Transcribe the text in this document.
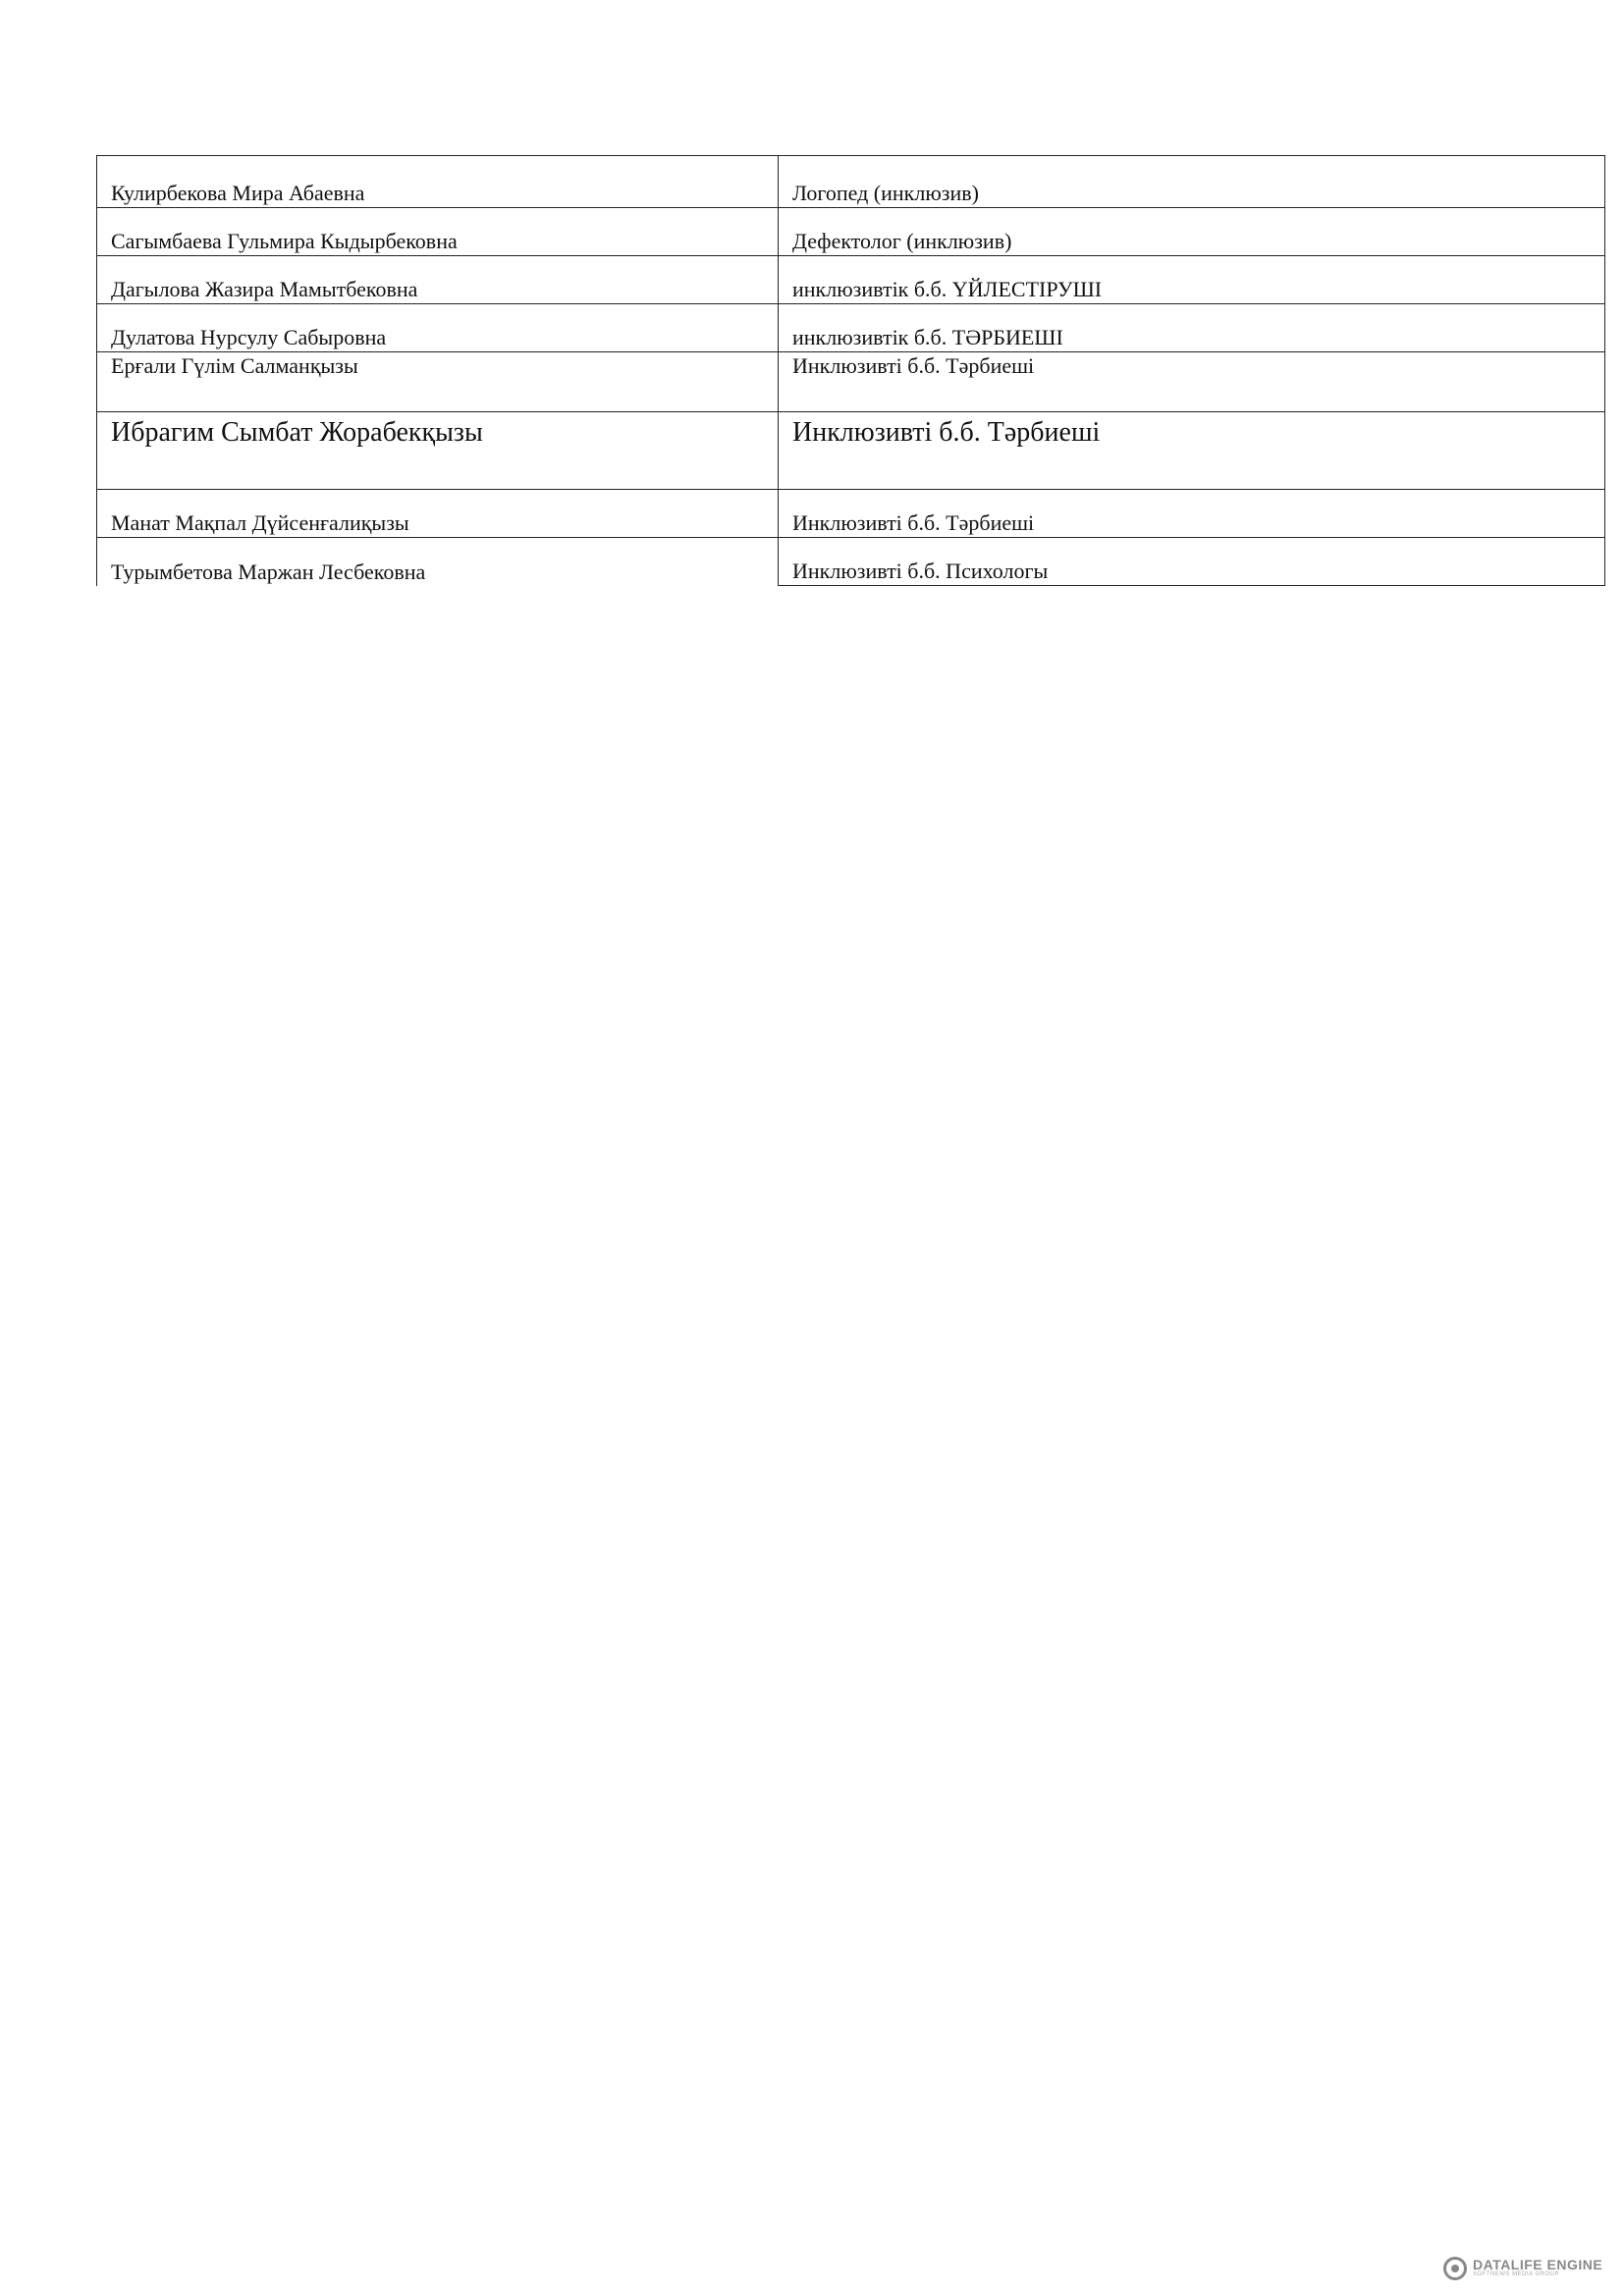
Кулирбекова Мира Абаевна	Логопед (инклюзив)
Сагымбаева Гульмира Кыдырбековна	Дефектолог (инклюзив)
Дагылова Жазира Мамытбековна	инклюзивтік б.б. ҮЙЛЕСТІРУШІ
Дулатова Нурсулу Сабыровна	инклюзивтік б.б. ТӘРБИЕШІ
Ерғали Гүлім Салманқызы	Инклюзивті б.б. Тәрбиеші
Ибрагим Сымбат Жорабекқызы	Инклюзивті б.б. Тәрбиеші
Манат Мақпал Дүйсенғалиқызы	Инклюзивті б.б. Тәрбиеші
Турымбетова Маржан Лесбековна	Инклюзивті б.б. Психологы
DATALIFE ENGINE
SOFTNEWS MEDIA GROUP
